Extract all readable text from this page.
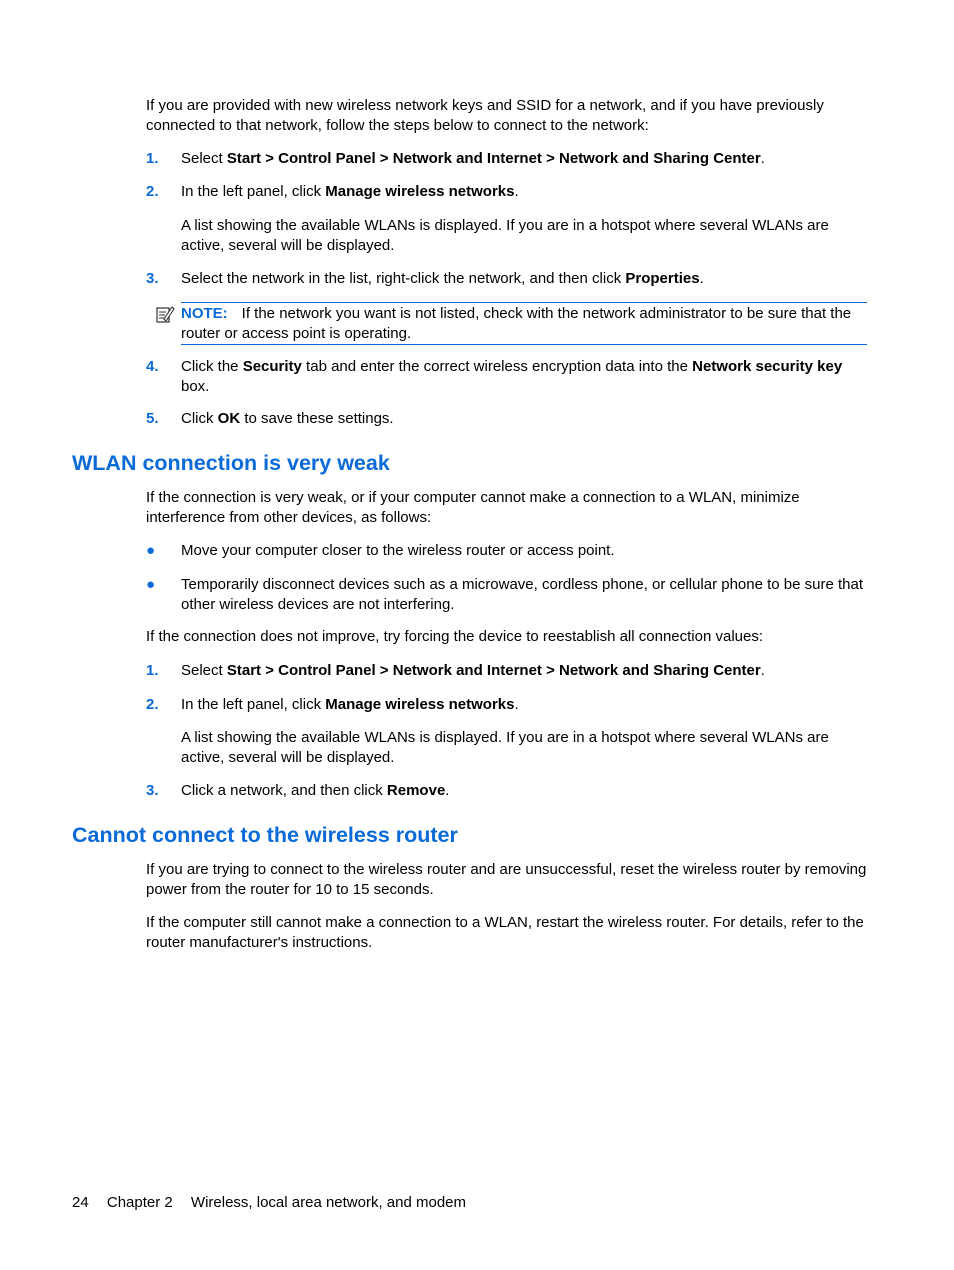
If you are provided with new wireless network keys and SSID for a network, and if you have previously connected to that network, follow the steps below to connect to the network:

1. Select Start > Control Panel > Network and Internet > Network and Sharing Center.

2. In the left panel, click Manage wireless networks.

A list showing the available WLANs is displayed. If you are in a hotspot where several WLANs are active, several will be displayed.

3. Select the network in the list, right-click the network, and then click Properties.

NOTE: If the network you want is not listed, check with the network administrator to be sure that the router or access point is operating.
4. Click the Security tab and enter the correct wireless encryption data into the Network security key box.

5. Click OK to save these settings.

WLAN connection is very weak

If the connection is very weak, or if your computer cannot make a connection to a WLAN, minimize interference from other devices, as follows:

● Move your computer closer to the wireless router or access point.

● Temporarily disconnect devices such as a microwave, cordless phone, or cellular phone to be sure that other wireless devices are not interfering.

If the connection does not improve, try forcing the device to reestablish all connection values:

1. Select Start > Control Panel > Network and Internet > Network and Sharing Center.

2. In the left panel, click Manage wireless networks.

A list showing the available WLANs is displayed. If you are in a hotspot where several WLANs are active, several will be displayed.

3. Click a network, and then click Remove.

Cannot connect to the wireless router

If you are trying to connect to the wireless router and are unsuccessful, reset the wireless router by removing power from the router for 10 to 15 seconds.

If the computer still cannot make a connection to a WLAN, restart the wireless router. For details, refer to the router manufacturer's instructions.

24 Chapter 2 Wireless, local area network, and modem
